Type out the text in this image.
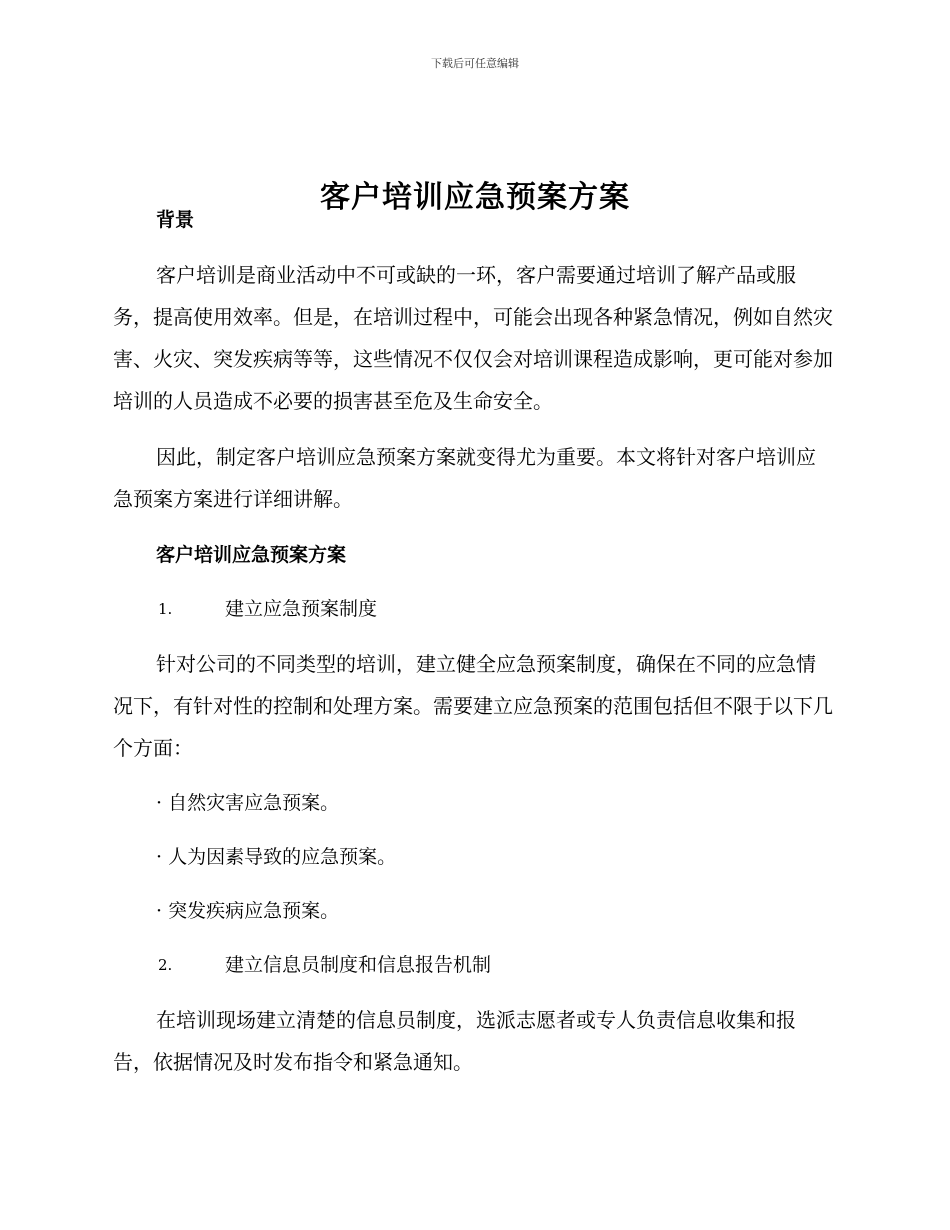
下载后可任意编辑
客户培训应急预案方案

背景

客户培训是商业活动中不可或缺的一环，客户需要通过培训了解产品或服务，提高使用效率。但是，在培训过程中，可能会出现各种紧急情况，例如自然灾害、火灾、突发疾病等等，这些情况不仅仅会对培训课程造成影响，更可能对参加培训的人员造成不必要的损害甚至危及生命安全。

因此，制定客户培训应急预案方案就变得尤为重要。本文将针对客户培训应急预案方案进行详细讲解。

客户培训应急预案方案

1.	建立应急预案制度

针对公司的不同类型的培训，建立健全应急预案制度，确保在不同的应急情况下，有针对性的控制和处理方案。需要建立应急预案的范围包括但不限于以下几个方面：

· 自然灾害应急预案。

· 人为因素导致的应急预案。

· 突发疾病应急预案。

2.	建立信息员制度和信息报告机制

在培训现场建立清楚的信息员制度，选派志愿者或专人负责信息收集和报告，依据情况及时发布指令和紧急通知。
